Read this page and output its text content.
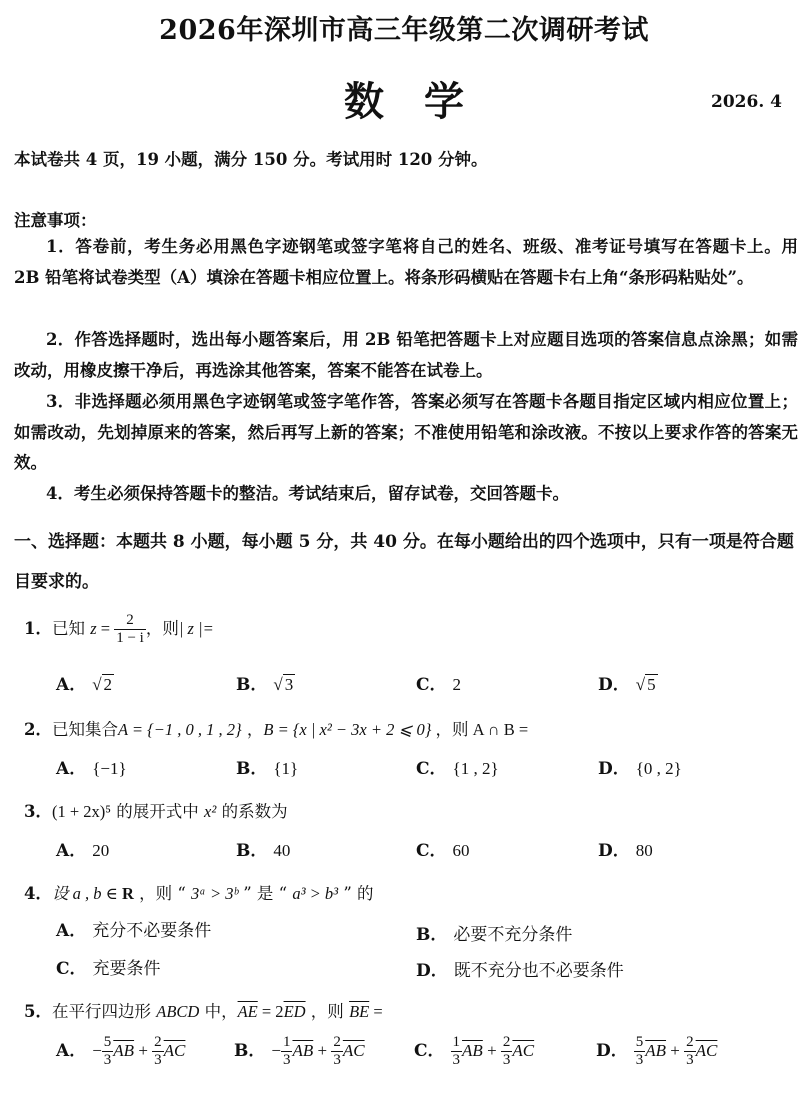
2026年深圳市高三年级第二次调研考试
数学	2026. 4
本试卷共 4 页，19 小题，满分 150 分。考试用时 120 分钟。
注意事项：
1．答卷前，考生务必用黑色字迹钢笔或签字笔将自己的姓名、班级、准考证号填写在答题卡上。用 2B 铅笔将试卷类型（A）填涂在答题卡相应位置上。将条形码横贴在答题卡右上角“条形码粘贴处”。
2．作答选择题时，选出每小题答案后，用 2B 铅笔把答题卡上对应题目选项的答案信息点涂黑；如需改动，用橡皮擦干净后，再选涂其他答案，答案不能答在试卷上。
3．非选择题必须用黑色字迹钢笔或签字笔作答，答案必须写在答题卡各题目指定区域内相应位置上；如需改动，先划掉原来的答案，然后再写上新的答案；不准使用铅笔和涂改液。不按以上要求作答的答案无效。
4．考生必须保持答题卡的整洁。考试结束后，留存试卷，交回答题卡。
一、选择题：本题共 8 小题，每小题 5 分，共 40 分。在每小题给出的四个选项中，只有一项是符合题目要求的。
1．已知 $z = \frac{2}{1 - i}$ ，则| z |=
A． √ 2	B． √ 3	C． 2	D． √ 5
2．已知集合A = {−1 , 0 , 1 , 2} ，B = {x | x² − 3x + 2 ⩽ 0} ，则 A ∩ B =
A． {−1}	B． {1}	C． {1 , 2}	D． {0 , 2}
3．(1 + 2x)⁵ 的展开式中 x² 的系数为
A． 20	B． 40	C． 60	D． 80
4．设 a , b ∈ R ，则 “ 3ᵃ > 3ᵇ ” 是 “ a³ > b³ ” 的
A． 充分不必要条件	B． 必要不充分条件
C． 充要条件	D． 既不充分也不必要条件
5．在平行四边形 ABCD 中，$\overline{AE} = 2\overline{ED}$ ，则 $\overline{BE}$ =
A． − $\frac{5}{3} \overline{AB} + \frac{2}{3} \overline{AC}$	B． − $\frac{1}{3} \overline{AB} + \frac{2}{3} \overline{AC}$	C． $\frac{1}{3} \overline{AB} + \frac{2}{3} \overline{AC}$	D． $\frac{5}{3} \overline{AB} + \frac{2}{3} \overline{AC}$
